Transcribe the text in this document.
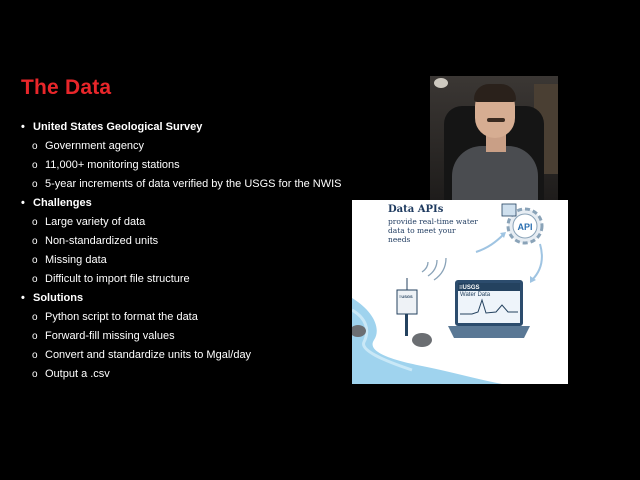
The Data
• United States Geological Survey
o Government agency
o 11,000+ monitoring stations
o 5-year increments of data verified by the USGS for the NWIS
• Challenges
o Large variety of data
o Non-standardized units
o Missing data
o Difficult to import file structure
• Solutions
o Python script to format the data
o Forward-fill missing values
o Convert and standardize units to Mgal/day
o Output a .csv
Data APIs
provide real-time water data to meet your needs
API
≡USGS
Water Data
≡USGS
